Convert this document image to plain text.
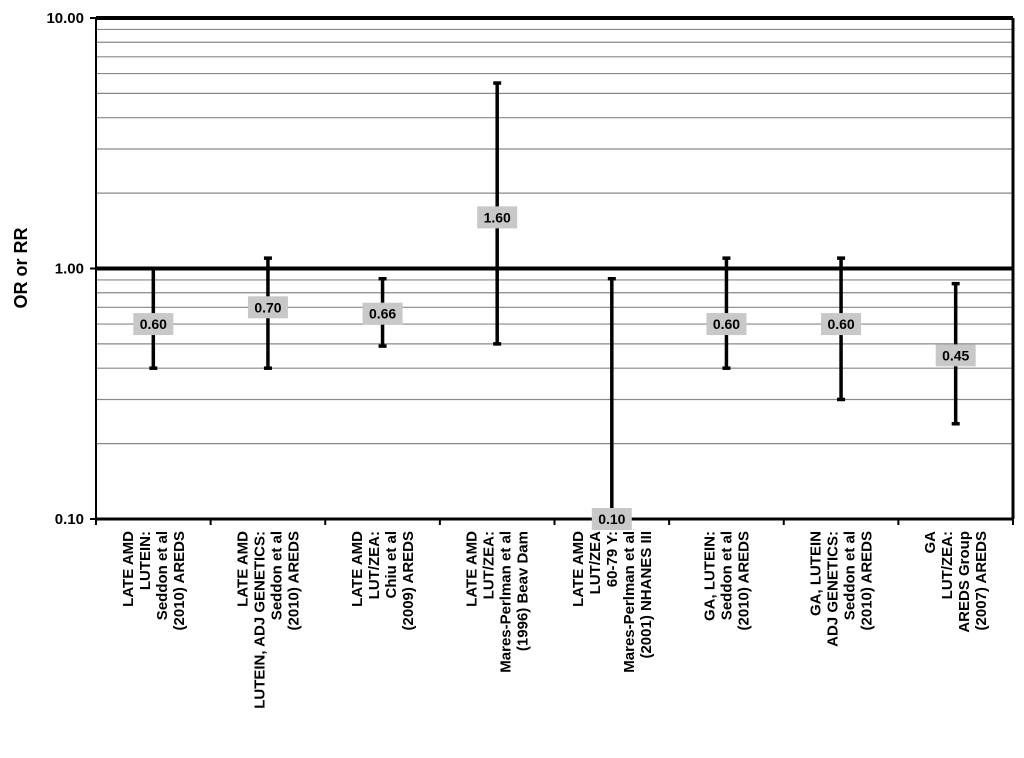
0.10
1.00
10.00
0.60
0.70	0.66
1.60
0.10
0.60	0.60
0.45
LATE AMDLUTEIN:Seddon et al(2010) AREDS	LATE AMDLUTEIN, ADJ GENETICS:Seddon et al(2010) AREDS	LATE AMDLUT/ZEA:Chiu et al(2009) AREDS	LATE AMDLUT/ZEA:Mares-Perlman et al(1996) Beav Dam	LATE AMDLUT/ZEA60-79 Y:Mares-Perlman et al(2001) NHANES III	GA, LUTEIN:Seddon et al(2010) AREDS	GA, LUTEINADJ GENETICS:Seddon et al(2010) AREDS	GALUT/ZEA:AREDS Group(2007) AREDS
OR or RR
